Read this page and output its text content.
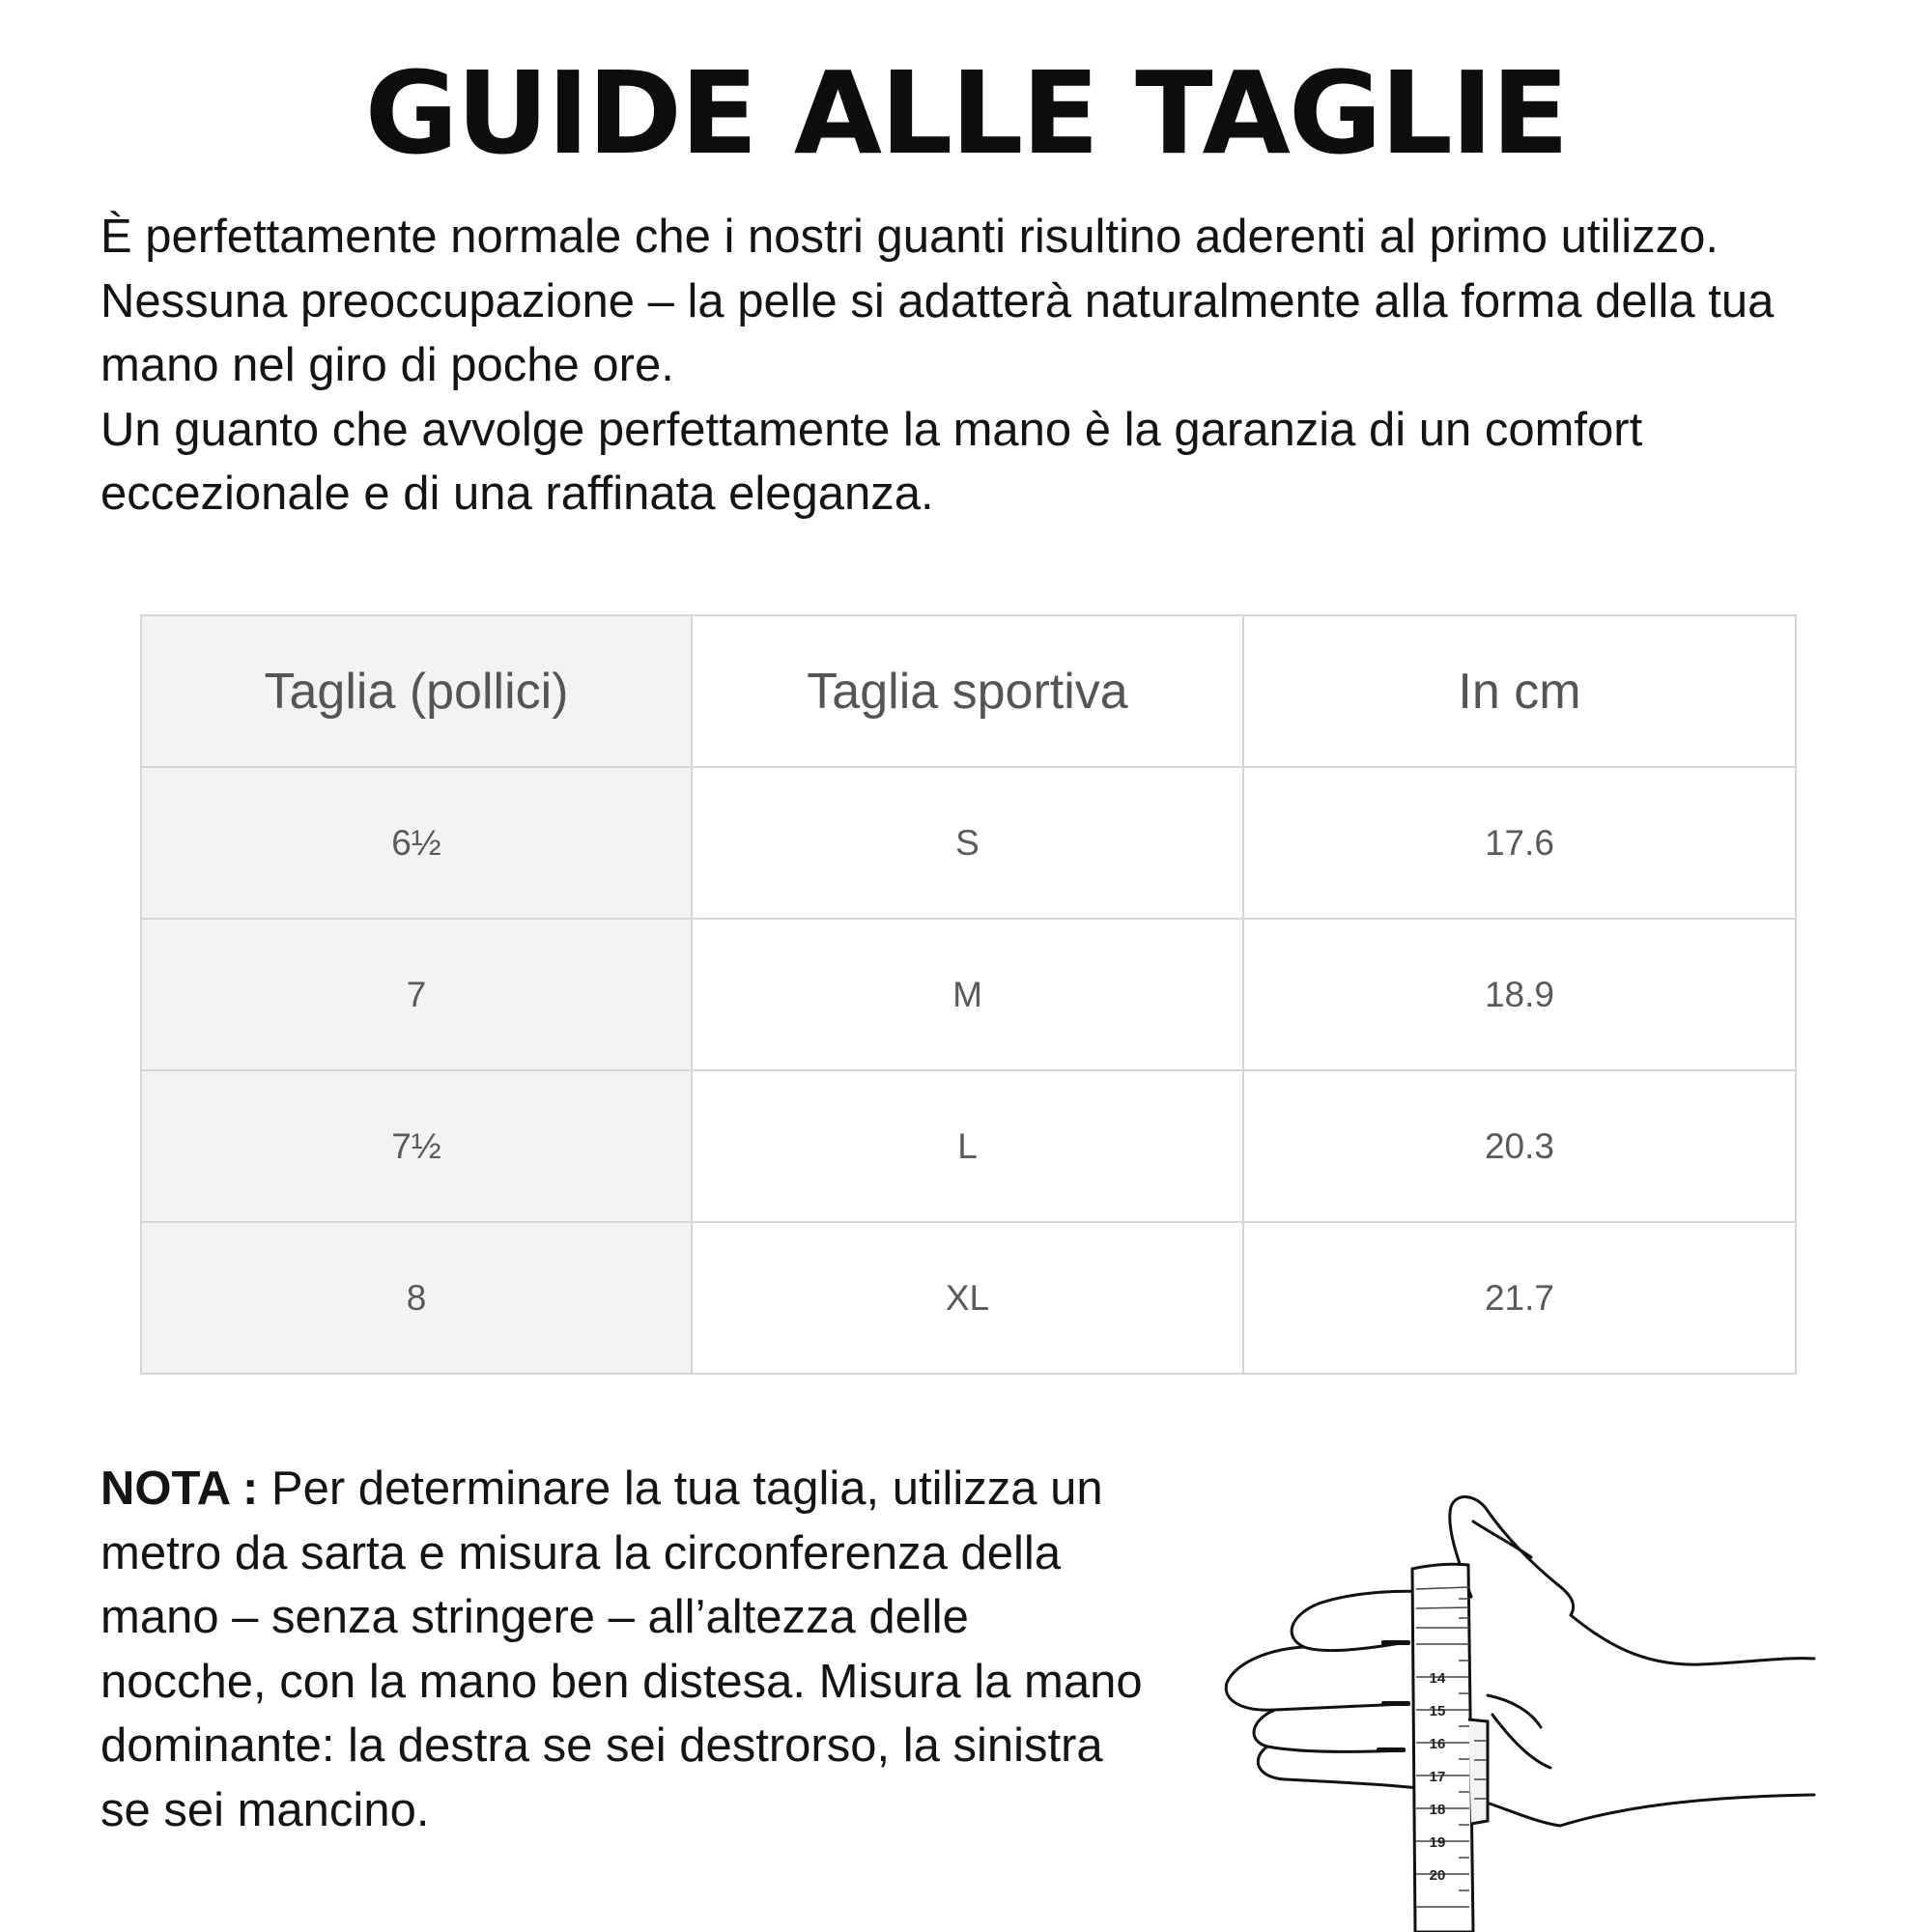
GUIDE ALLE TAGLIE

È perfettamente normale che i nostri guanti risultino aderenti al primo utilizzo. Nessuna preoccupazione – la pelle si adatterà naturalmente alla forma della tua mano nel giro di poche ore.

Un guanto che avvolge perfettamente la mano è la garanzia di un comfort eccezionale e di una raffinata eleganza.

Taglia (pollici)	Taglia sportiva	In cm
6½	S	17.6
7	M	18.9
7½	L	20.3
8	XL	21.7

NOTA : Per determinare la tua taglia, utilizza un metro da sarta e misura la circonferenza della mano – senza stringere – all’altezza delle nocche, con la mano ben distesa. Misura la mano dominante: la destra se sei destrorso, la sinistra se sei mancino.

14
15
16
17
18
19
20
